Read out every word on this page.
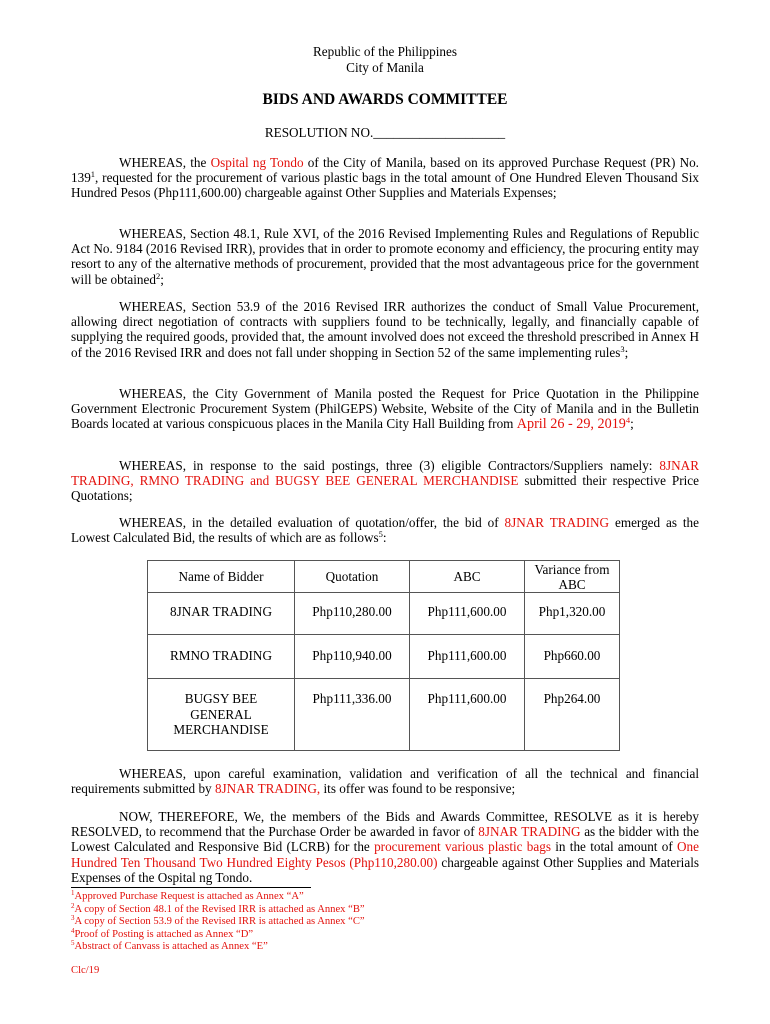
Republic of the Philippines
City of Manila
BIDS AND AWARDS COMMITTEE
RESOLUTION NO.____________________
WHEREAS, the Ospital ng Tondo of the City of Manila, based on its approved Purchase Request (PR) No. $139^1$, requested for the procurement of various plastic bags in the total amount of One Hundred Eleven Thousand Six Hundred Pesos (Php111,600.00) chargeable against Other Supplies and Materials Expenses;
WHEREAS, Section 48.1, Rule XVI, of the 2016 Revised Implementing Rules and Regulations of Republic Act No. 9184 (2016 Revised IRR), provides that in order to promote economy and efficiency, the procuring entity may resort to any of the alternative methods of procurement, provided that the most advantageous price for the government will be obtained$^2$;
WHEREAS, Section 53.9 of the 2016 Revised IRR authorizes the conduct of Small Value Procurement, allowing direct negotiation of contracts with suppliers found to be technically, legally, and financially capable of supplying the required goods, provided that, the amount involved does not exceed the threshold prescribed in Annex H of the 2016 Revised IRR and does not fall under shopping in Section 52 of the same implementing rules$^3$;
WHEREAS, the City Government of Manila posted the Request for Price Quotation in the Philippine Government Electronic Procurement System (PhilGEPS) Website, Website of the City of Manila and in the Bulletin Boards located at various conspicuous places in the Manila City Hall Building from April 26 - 29, 2019$^4$;
WHEREAS, in response to the said postings, three (3) eligible Contractors/Suppliers namely: 8JNAR TRADING, RMNO TRADING and BUGSY BEE GENERAL MERCHANDISE submitted their respective Price Quotations;
WHEREAS, in the detailed evaluation of quotation/offer, the bid of 8JNAR TRADING emerged as the Lowest Calculated Bid, the results of which are as follows$^5$:
Name of Bidder	Quotation	ABC	Variance from ABC
8JNAR TRADING	Php110,280.00	Php111,600.00	Php1,320.00
RMNO TRADING	Php110,940.00	Php111,600.00	Php660.00
BUGSY BEE GENERAL MERCHANDISE	Php111,336.00	Php111,600.00	Php264.00
WHEREAS, upon careful examination, validation and verification of all the technical and financial requirements submitted by 8JNAR TRADING, its offer was found to be responsive;
NOW, THEREFORE, We, the members of the Bids and Awards Committee, RESOLVE as it is hereby RESOLVED, to recommend that the Purchase Order be awarded in favor of 8JNAR TRADING as the bidder with the Lowest Calculated and Responsive Bid (LCRB) for the procurement various plastic bags in the total amount of One Hundred Ten Thousand Two Hundred Eighty Pesos (Php110,280.00) chargeable against Other Supplies and Materials Expenses of the Ospital ng Tondo.
$^1$Approved Purchase Request is attached as Annex “A”
$^2$A copy of Section 48.1 of the Revised IRR is attached as Annex “B”
$^3$A copy of Section 53.9 of the Revised IRR is attached as Annex “C”
$^4$Proof of Posting is attached as Annex “D”
$^5$Abstract of Canvass is attached as Annex “E”
Clc/19
